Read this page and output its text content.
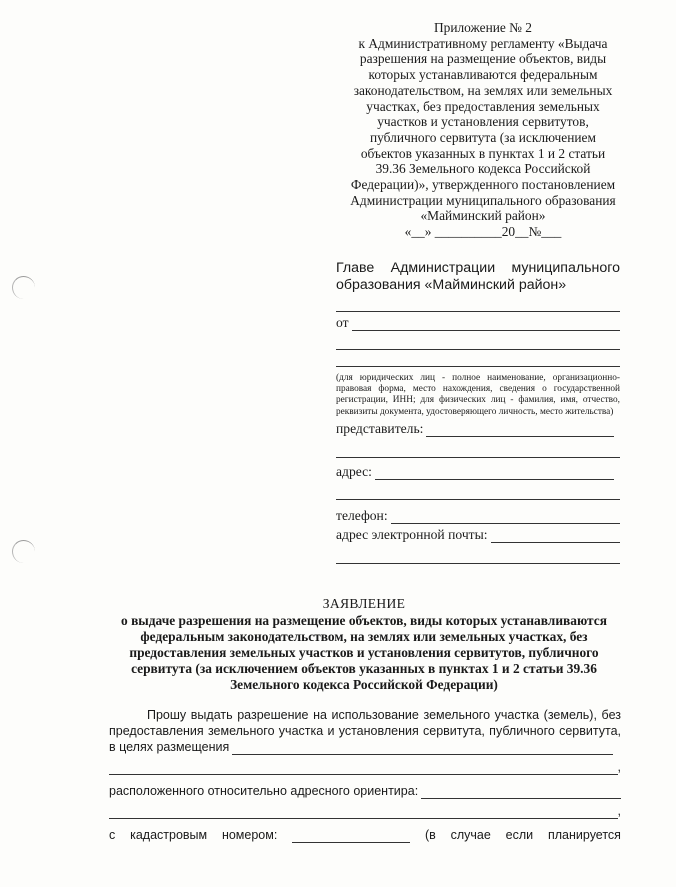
Приложение № 2
к Административному регламенту «Выдача
разрешения на размещение объектов, виды
которых устанавливаются федеральным
законодательством, на землях или земельных
участках, без предоставления земельных
участков и установления сервитутов,
публичного сервитута (за исключением
объектов указанных в пунктах 1 и 2 статьи
39.36 Земельного кодекса Российской
Федерации)», утвержденного постановлением
Администрации муниципального образования
«Майминский район»
«__» __________20__№___
Главе Администрации муниципального
образования «Майминский район»
от
(для юридических лиц - полное наименование, организационно-правовая форма, место нахождения, сведения о государственной регистрации, ИНН; для физических лиц - фамилия, имя, отчество, реквизиты документа, удостоверяющего личность, место жительства)
представитель:
адрес:
телефон:
адрес электронной почты:
ЗАЯВЛЕНИЕ
о выдаче разрешения на размещение объектов, виды которых устанавливаются
федеральным законодательством, на землях или земельных участках, без
предоставления земельных участков и установления сервитутов, публичного
сервитута (за исключением объектов указанных в пунктах 1 и 2 статьи 39.36
Земельного кодекса Российской Федерации)
Прошу выдать разрешение на использование земельного участка (земель), без
предоставления земельного участка и установления сервитута, публичного сервитута,
в целях размещения
,
расположенного относительно адресного ориентира:
,
с кадастровым номером:	(в случае если планируется
